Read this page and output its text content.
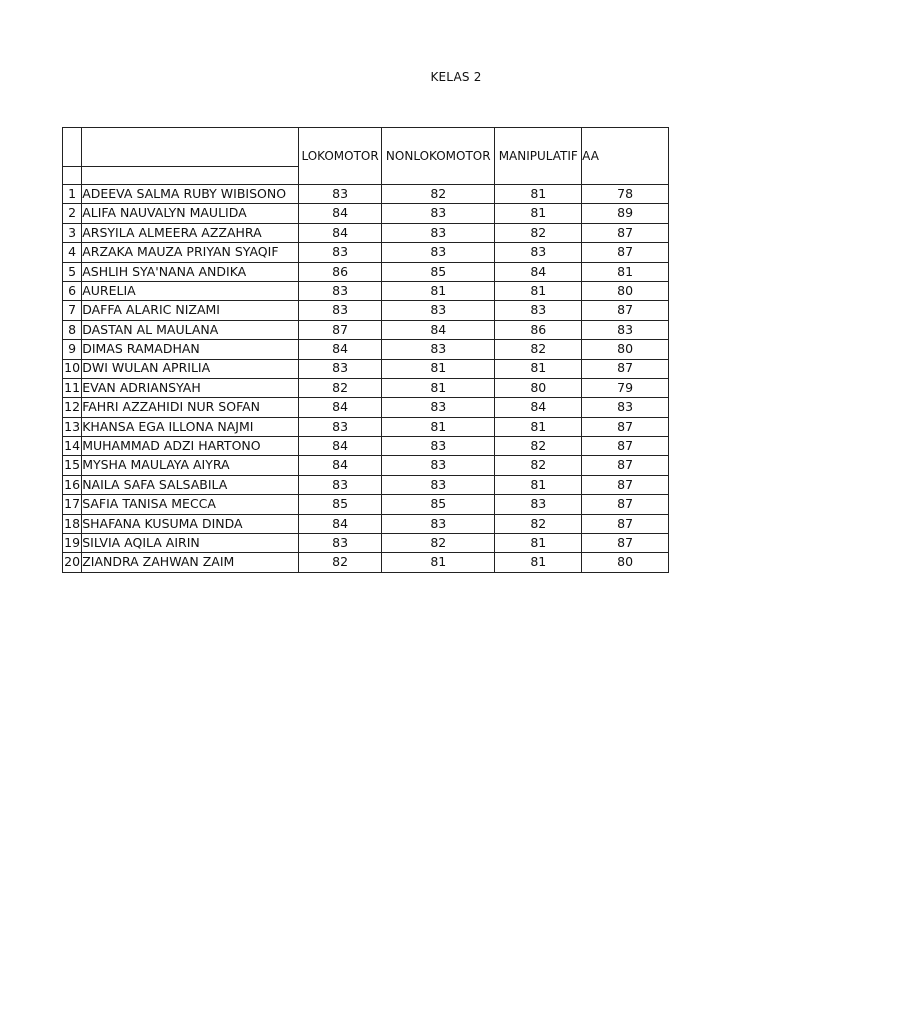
KELAS 2
		LOKOMOTOR	NONLOKOMOTOR	MANIPULATIF	AA

1	ADEEVA SALMA RUBY WIBISONO	83	82	81	78
2	ALIFA NAUVALYN MAULIDA	84	83	81	89
3	ARSYILA ALMEERA AZZAHRA	84	83	82	87
4	ARZAKA MAUZA PRIYAN SYAQIF	83	83	83	87
5	ASHLIH SYA'NANA ANDIKA	86	85	84	81
6	AURELIA	83	81	81	80
7	DAFFA ALARIC NIZAMI	83	83	83	87
8	DASTAN AL MAULANA	87	84	86	83
9	DIMAS RAMADHAN	84	83	82	80
10	DWI WULAN APRILIA	83	81	81	87
11	EVAN ADRIANSYAH	82	81	80	79
12	FAHRI AZZAHIDI NUR SOFAN	84	83	84	83
13	KHANSA EGA ILLONA NAJMI	83	81	81	87
14	MUHAMMAD ADZI HARTONO	84	83	82	87
15	MYSHA MAULAYA AIYRA	84	83	82	87
16	NAILA SAFA SALSABILA	83	83	81	87
17	SAFIA TANISA MECCA	85	85	83	87
18	SHAFANA KUSUMA DINDA	84	83	82	87
19	SILVIA AQILA AIRIN	83	82	81	87
20	ZIANDRA ZAHWAN ZAIM	82	81	81	80
